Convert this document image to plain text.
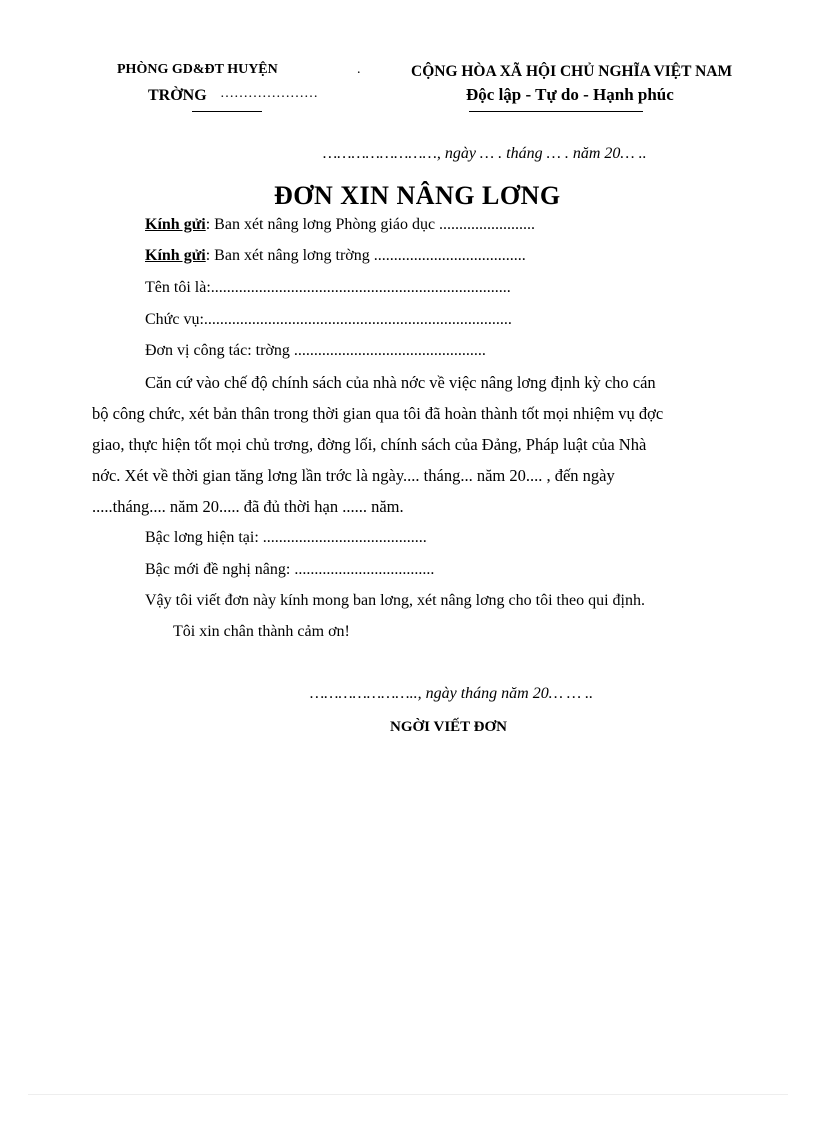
PHÒNG GD&ĐT HUYỆN	.
TRỜNG …………………
CỘNG HÒA XÃ HỘI CHỦ NGHĨA VIỆT NAM
Độc lập - Tự do - Hạnh phúc
……………………, ngày … . tháng … . năm 20… ..
ĐƠN XIN NÂNG LƠNG
Kính gửi: Ban xét nâng lơng Phòng giáo dục ........................
Kính gửi: Ban xét nâng lơng trờng ......................................
Tên tôi là:...........................................................................
Chức vụ:.............................................................................
Đơn vị công tác: trờng ................................................
Căn cứ vào chế độ chính sách của nhà nớc về việc nâng lơng định kỳ cho cán
bộ công chức, xét bản thân trong thời gian qua tôi đã hoàn thành tốt mọi nhiệm vụ đợc
giao, thực hiện tốt mọi chủ trơng, đờng lối, chính sách của Đảng, Pháp luật của Nhà
nớc. Xét về thời gian tăng lơng lần trớc là ngày.... tháng... năm 20.... , đến ngày
.....tháng.... năm 20..... đã đủ thời hạn ...... năm.
Bậc lơng hiện tại: .........................................
Bậc mới đề nghị nâng: ...................................
Vậy tôi viết đơn này kính mong ban lơng, xét nâng lơng cho tôi theo qui định.
Tôi xin chân thành cảm ơn!
………………….., ngày tháng năm 20… … ..
NGỜI VIẾT ĐƠN
